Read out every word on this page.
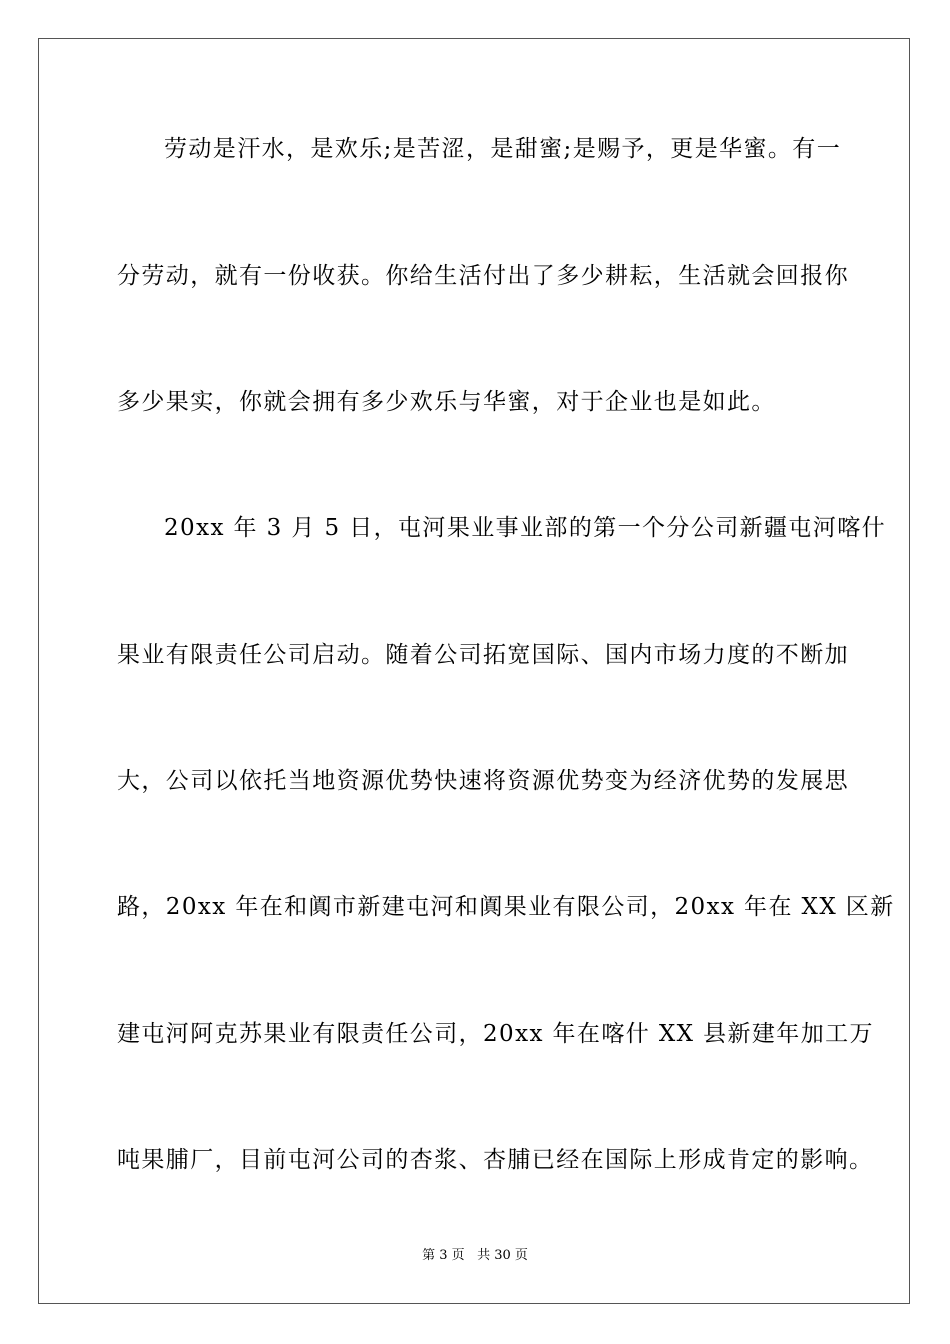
劳动是汗水，是欢乐;是苦涩，是甜蜜;是赐予，更是华蜜。有一
分劳动，就有一份收获。你给生活付出了多少耕耘，生活就会回报你
多少果实，你就会拥有多少欢乐与华蜜，对于企业也是如此。
20xx 年 3 月 5 日，屯河果业事业部的第一个分公司新疆屯河喀什
果业有限责任公司启动。随着公司拓宽国际、国内市场力度的不断加
大，公司以依托当地资源优势快速将资源优势变为经济优势的发展思
路，20xx 年在和阗市新建屯河和阗果业有限公司，20xx 年在 XX 区新
建屯河阿克苏果业有限责任公司，20xx 年在喀什 XX 县新建年加工万
吨果脯厂，目前屯河公司的杏浆、杏脯已经在国际上形成肯定的影响。
第 3 页 共 30 页
